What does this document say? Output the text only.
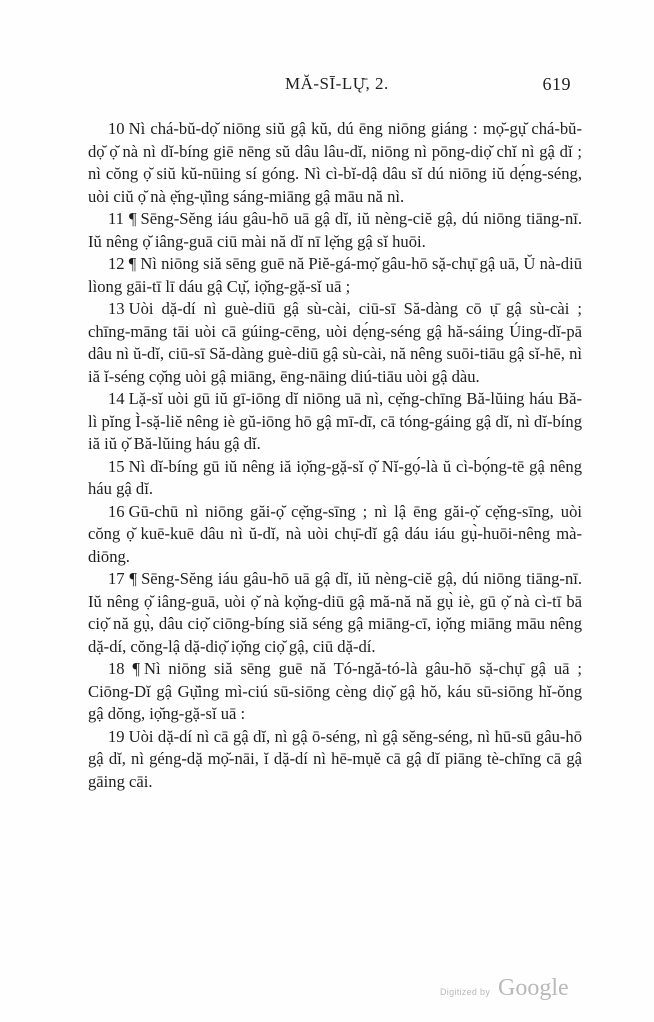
MĂ-SĪ-LŲ̄, 2.	619

10 Nì chá-bŭ-dọ̆ niōng siŭ gậ kŭ, dú ēng niōng giáng : mọ̆-gụ̆ chá-bŭ-dọ̆ ọ̆ nà nì dĭ-bíng giē nēng sŭ dâu lâu-dĭ, niōng nì pōng-diọ̆ chĭ nì gậ dĭ ; nì cŏng ọ̆ siŭ kŭ-nūing sí góng. Nì cì-bĭ-dậ dâu sĭ dú niōng iŭ dẹ́ng-séng, uòi ciŭ ọ̆ nà ẹ̆ng-ụ̆ing sáng-miāng gậ māu nă nì.

11 ¶ Sēng-Sĕng iáu gâu-hō uā gậ dĭ, iŭ nèng-ciĕ gậ, dú niōng tiāng-nī. Iŭ nêng ọ̆ iâng-guā ciū mài nă dĭ nī lẹ̆ng gậ sĭ huōi.

12 ¶ Nì niōng siă sēng guē nă Piĕ-gá-mọ̆ gâu-hō sặ-chụ̄ gậ uā, Ŭ nà-diū lìong gāi-tī lī dáu gậ Cụ̆, iọ̆ng-gặ-sĭ uā ;

13 Uòi dặ-dí nì guè-diū gậ sù-cài, ciū-sī Să-dàng cō ụ̄ gậ sù-cài ; chīng-māng tāi uòi cā gúing-cēng, uòi dẹ́ng-séng gậ hă-sáing Úing-dĭ-pā dâu nì ŭ-dĭ, ciū-sī Să-dàng guè-diū gậ sù-cài, nă nêng suōi-tiāu gậ sĭ-hē, nì iă ĭ-séng cọ̆ng uòi gậ miāng, ēng-nāing diú-tiāu uòi gậ dàu.

14 Lặ-sĭ uòi gū iŭ gī-iōng dĭ niōng uā nì, cẹ̆ng-chīng Bă-lŭing háu Bă-lì pĭng Ì-sặ-liĕ nêng iè gŭ-iōng hō gậ mī-dī, cā tóng-gáing gậ dĭ, nì dĭ-bíng iă iŭ ọ̆ Bă-lŭing háu gậ dĭ.

15 Nì dĭ-bíng gū iŭ nêng iă iọ̆ng-gặ-sĭ ọ̆ Nĭ-gọ́-là ŭ cì-bọ́ng-tē gậ nêng háu gậ dĭ.

16 Gū-chū nì niōng găi-ọ̆ cẹ̆ng-sīng ; nì lậ ēng găi-ọ̆ cẹ̆ng-sīng, uòi cŏng ọ̆ kuē-kuē dâu nì ŭ-dĭ, nà uòi chụ̄-dĭ gậ dáu iáu gụ̀-huōi-nêng mà-diōng.

17 ¶ Sēng-Sĕng iáu gâu-hō uā gậ dĭ, iŭ nèng-ciĕ gậ, dú niōng tiāng-nī. Iŭ nêng ọ̆ iâng-guā, uòi ọ̆ nà kọ̆ng-diū gậ mă-nă nă gụ̀ iè, gū ọ̆ nà cì-tī bā ciọ̆ nă gụ̀, dâu ciọ̆ ciōng-bíng siă séng gậ miāng-cī, iọ̆ng miāng māu nêng dặ-dí, cŏng-lậ dặ-diọ̆ iọ̆ng ciọ̆ gậ, ciū dặ-dí.

18 ¶ Nì niōng siă sēng guē nă Tó-ngă-tó-là gâu-hō sặ-chụ̄ gậ uā ; Ciōng-Dĭ gậ Gụ̆ing mì-ciú sū-siōng cèng diọ̆ gậ hŏ, káu sū-siōng hĭ-ŏng gậ dŏng, iọ̆ng-gặ-sĭ uā :

19 Uòi dặ-dí nì cā gậ dĭ, nì gậ ō-séng, nì gậ sĕng-séng, nì hū-sū gâu-hō gậ dĭ, nì géng-dặ mọ̆-nāi, ĭ dặ-dí nì hē-mụĕ cā gậ dĭ piāng tè-chīng cā gậ gāing cāi.

Digitized by Google
